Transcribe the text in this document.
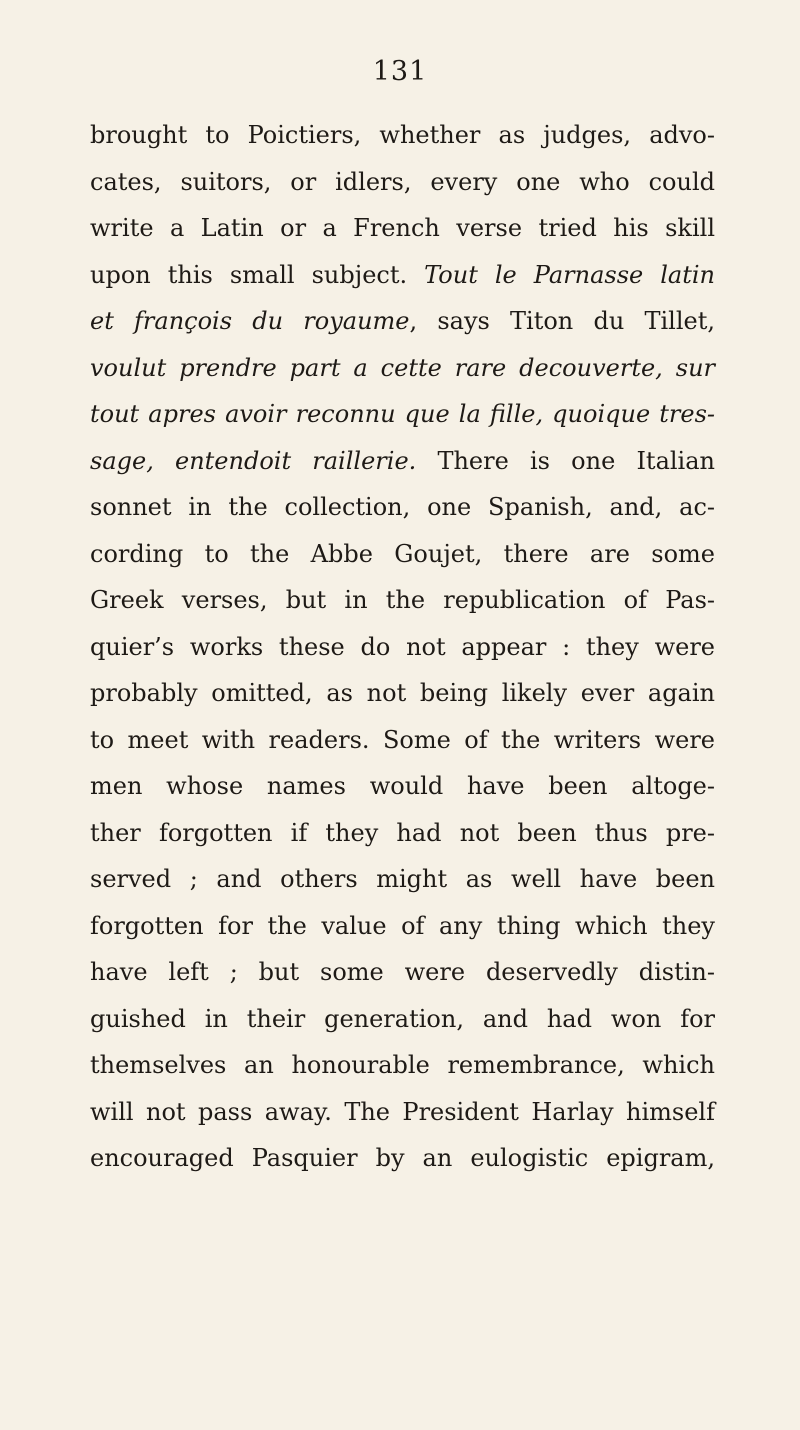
131
brought to Poictiers, whether as judges, advo-
cates, suitors, or idlers, every one who could
write a Latin or a French verse tried his skill
upon this small subject. Tout le Parnasse latin
et françois du royaume, says Titon du Tillet,
voulut prendre part a cette rare decouverte, sur
tout apres avoir reconnu que la fille, quoique tres-
sage, entendoit raillerie. There is one Italian
sonnet in the collection, one Spanish, and, ac-
cording to the Abbe Goujet, there are some
Greek verses, but in the republication of Pas-
quier’s works these do not appear : they were
probably omitted, as not being likely ever again
to meet with readers. Some of the writers were
men whose names would have been altoge-
ther forgotten if they had not been thus pre-
served ; and others might as well have been
forgotten for the value of any thing which they
have left ; but some were deservedly distin-
guished in their generation, and had won for
themselves an honourable remembrance, which
will not pass away. The President Harlay himself
encouraged Pasquier by an eulogistic epigram,
